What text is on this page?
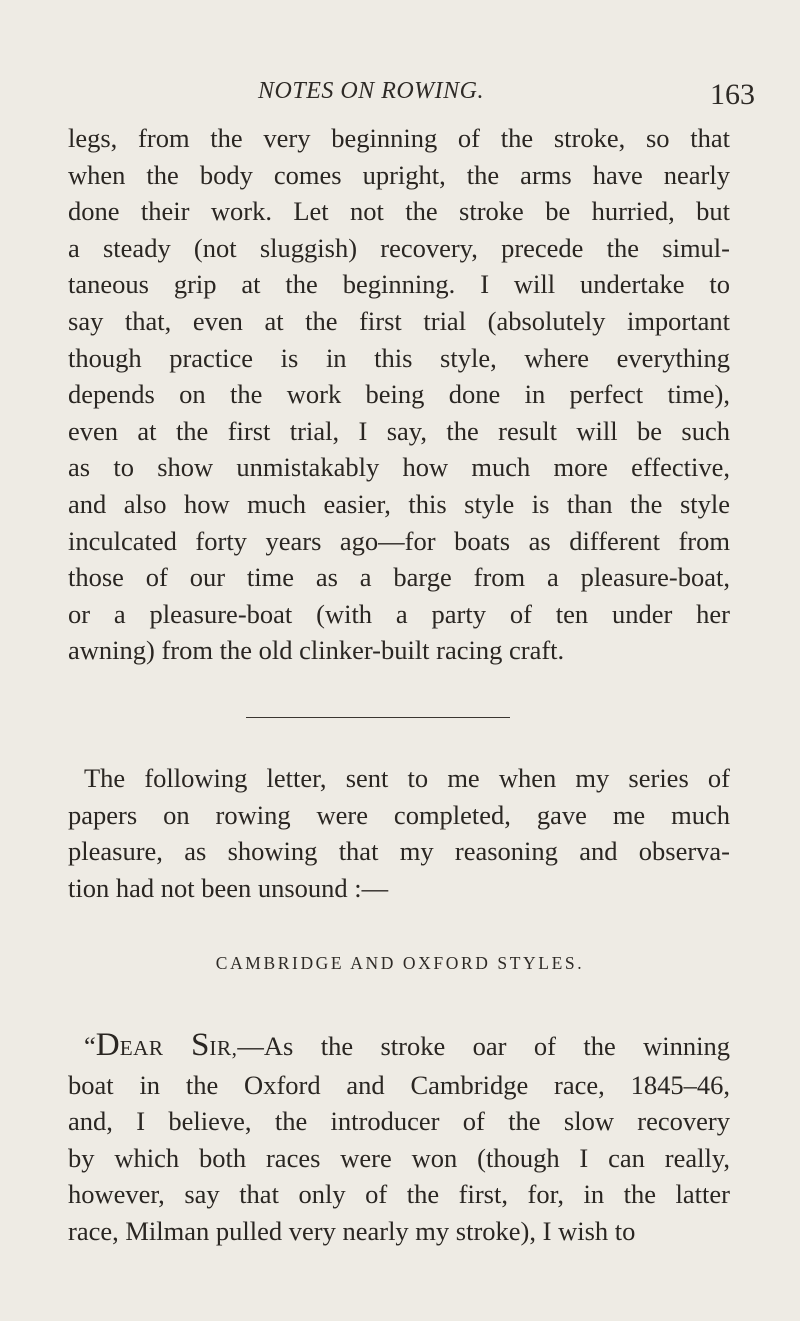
NOTES ON ROWING.	163
legs, from the very beginning of the stroke, so that
when the body comes upright, the arms have nearly
done their work. Let not the stroke be hurried, but
a steady (not sluggish) recovery, precede the simul-
taneous grip at the beginning. I will undertake to
say that, even at the first trial (absolutely important
though practice is in this style, where everything
depends on the work being done in perfect time),
even at the first trial, I say, the result will be such
as to show unmistakably how much more effective,
and also how much easier, this style is than the style
inculcated forty years ago—for boats as different from
those of our time as a barge from a pleasure-boat,
or a pleasure-boat (with a party of ten under her
awning) from the old clinker-built racing craft.
The following letter, sent to me when my series of
papers on rowing were completed, gave me much
pleasure, as showing that my reasoning and observa-
tion had not been unsound :—
CAMBRIDGE AND OXFORD STYLES.
“DEAR SIR,—As the stroke oar of the winning
boat in the Oxford and Cambridge race, 1845–46,
and, I believe, the introducer of the slow recovery
by which both races were won (though I can really,
however, say that only of the first, for, in the latter
race, Milman pulled very nearly my stroke), I wish to
